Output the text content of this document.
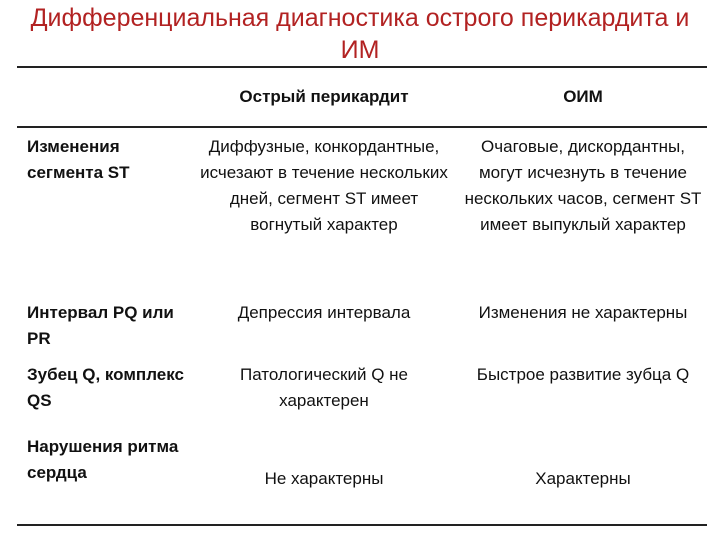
Дифференциальная диагностика острого перикардита и ИМ
	Острый перикардит	ОИМ
Изменения сегмента ST	Диффузные, конкордантные, исчезают в течение нескольких дней, сегмент ST имеет вогнутый характер	Очаговые, дискордантны, могут исчезнуть в течение нескольких часов, сегмент ST имеет выпуклый характер
Интервал PQ или PR	Депрессия интервала	Изменения не характерны
Зубец Q, комплекс QS	Патологический Q не характерен	Быстрое развитие зубца Q
Нарушения ритма сердца	Не характерны	Характерны
